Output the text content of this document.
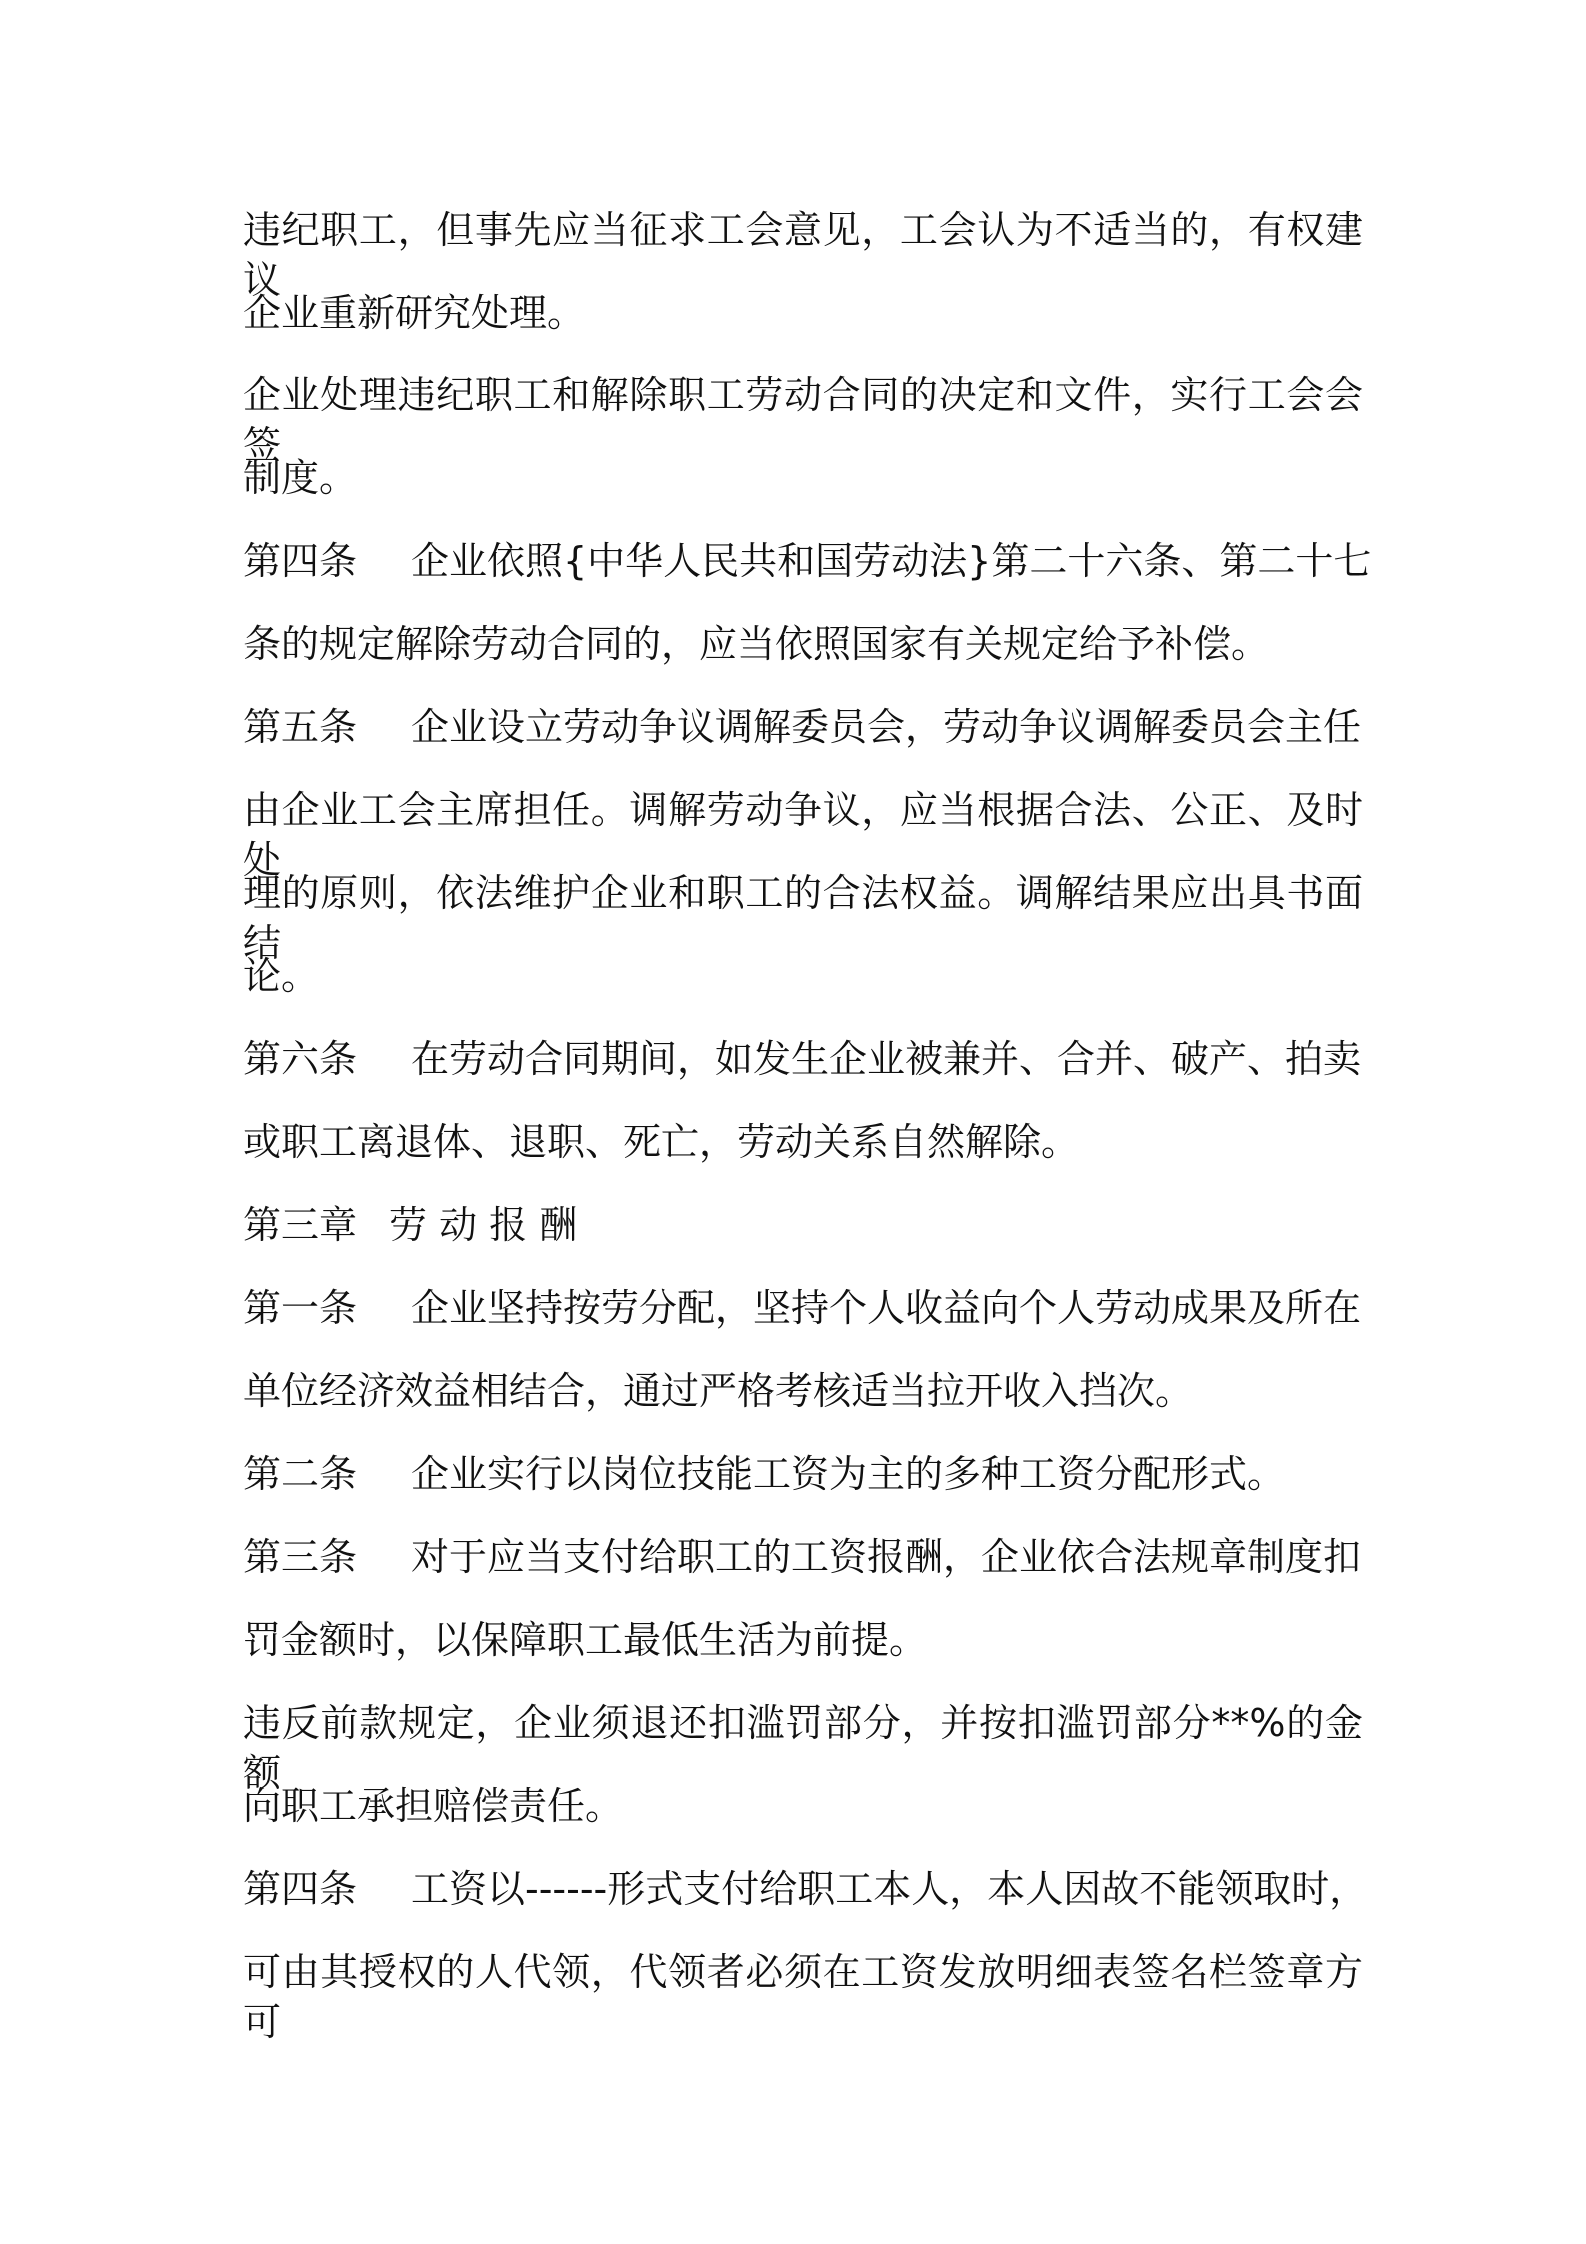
违纪职工，但事先应当征求工会意见，工会认为不适当的，有权建议
企业重新研究处理。
企业处理违纪职工和解除职工劳动合同的决定和文件，实行工会会签
制度。
第四条 企业依照{中华人民共和国劳动法}第二十六条、第二十七
条的规定解除劳动合同的，应当依照国家有关规定给予补偿。
第五条 企业设立劳动争议调解委员会，劳动争议调解委员会主任
由企业工会主席担任。调解劳动争议，应当根据合法、公正、及时处
理的原则，依法维护企业和职工的合法权益。调解结果应出具书面结
论。
第六条 在劳动合同期间，如发生企业被兼并、合并、破产、拍卖
或职工离退体、退职、死亡，劳动关系自然解除。
第三章 劳 动 报 酬
第一条 企业坚持按劳分配，坚持个人收益向个人劳动成果及所在
单位经济效益相结合，通过严格考核适当拉开收入挡次。
第二条 企业实行以岗位技能工资为主的多种工资分配形式。
第三条 对于应当支付给职工的工资报酬，企业依合法规章制度扣
罚金额时，以保障职工最低生活为前提。
违反前款规定，企业须退还扣滥罚部分，并按扣滥罚部分**%的金额
向职工承担赔偿责任。
第四条 工资以------形式支付给职工本人，本人因故不能领取时，
可由其授权的人代领，代领者必须在工资发放明细表签名栏签章方可
